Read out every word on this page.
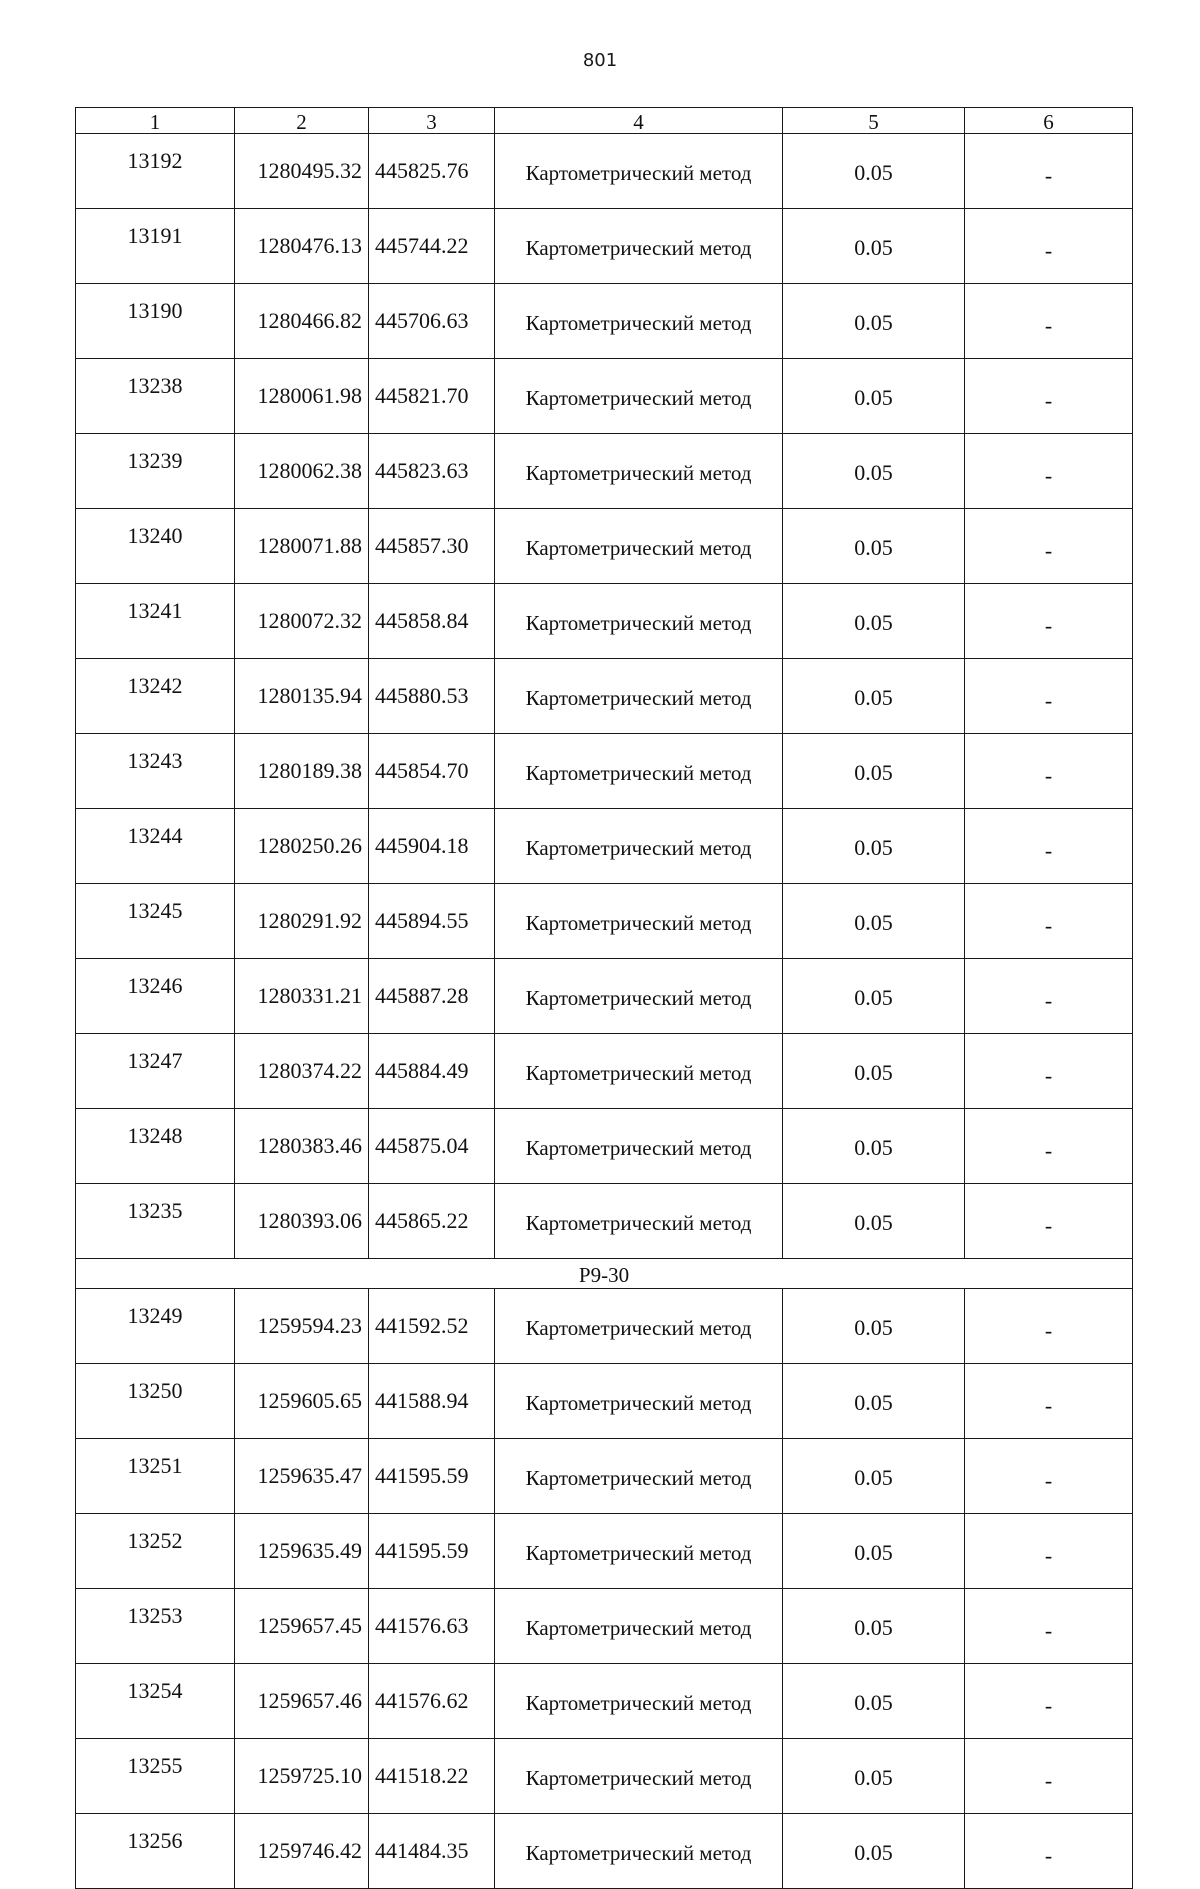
801
1	2	3	4	5	6
13192	1280495.32	445825.76	Картометрический метод	0.05	-
13191	1280476.13	445744.22	Картометрический метод	0.05	-
13190	1280466.82	445706.63	Картометрический метод	0.05	-
13238	1280061.98	445821.70	Картометрический метод	0.05	-
13239	1280062.38	445823.63	Картометрический метод	0.05	-
13240	1280071.88	445857.30	Картометрический метод	0.05	-
13241	1280072.32	445858.84	Картометрический метод	0.05	-
13242	1280135.94	445880.53	Картометрический метод	0.05	-
13243	1280189.38	445854.70	Картометрический метод	0.05	-
13244	1280250.26	445904.18	Картометрический метод	0.05	-
13245	1280291.92	445894.55	Картометрический метод	0.05	-
13246	1280331.21	445887.28	Картометрический метод	0.05	-
13247	1280374.22	445884.49	Картометрический метод	0.05	-
13248	1280383.46	445875.04	Картометрический метод	0.05	-
13235	1280393.06	445865.22	Картометрический метод	0.05	-
Р9-30					
13249	1259594.23	441592.52	Картометрический метод	0.05	-
13250	1259605.65	441588.94	Картометрический метод	0.05	-
13251	1259635.47	441595.59	Картометрический метод	0.05	-
13252	1259635.49	441595.59	Картометрический метод	0.05	-
13253	1259657.45	441576.63	Картометрический метод	0.05	-
13254	1259657.46	441576.62	Картометрический метод	0.05	-
13255	1259725.10	441518.22	Картометрический метод	0.05	-
13256	1259746.42	441484.35	Картометрический метод	0.05	-
